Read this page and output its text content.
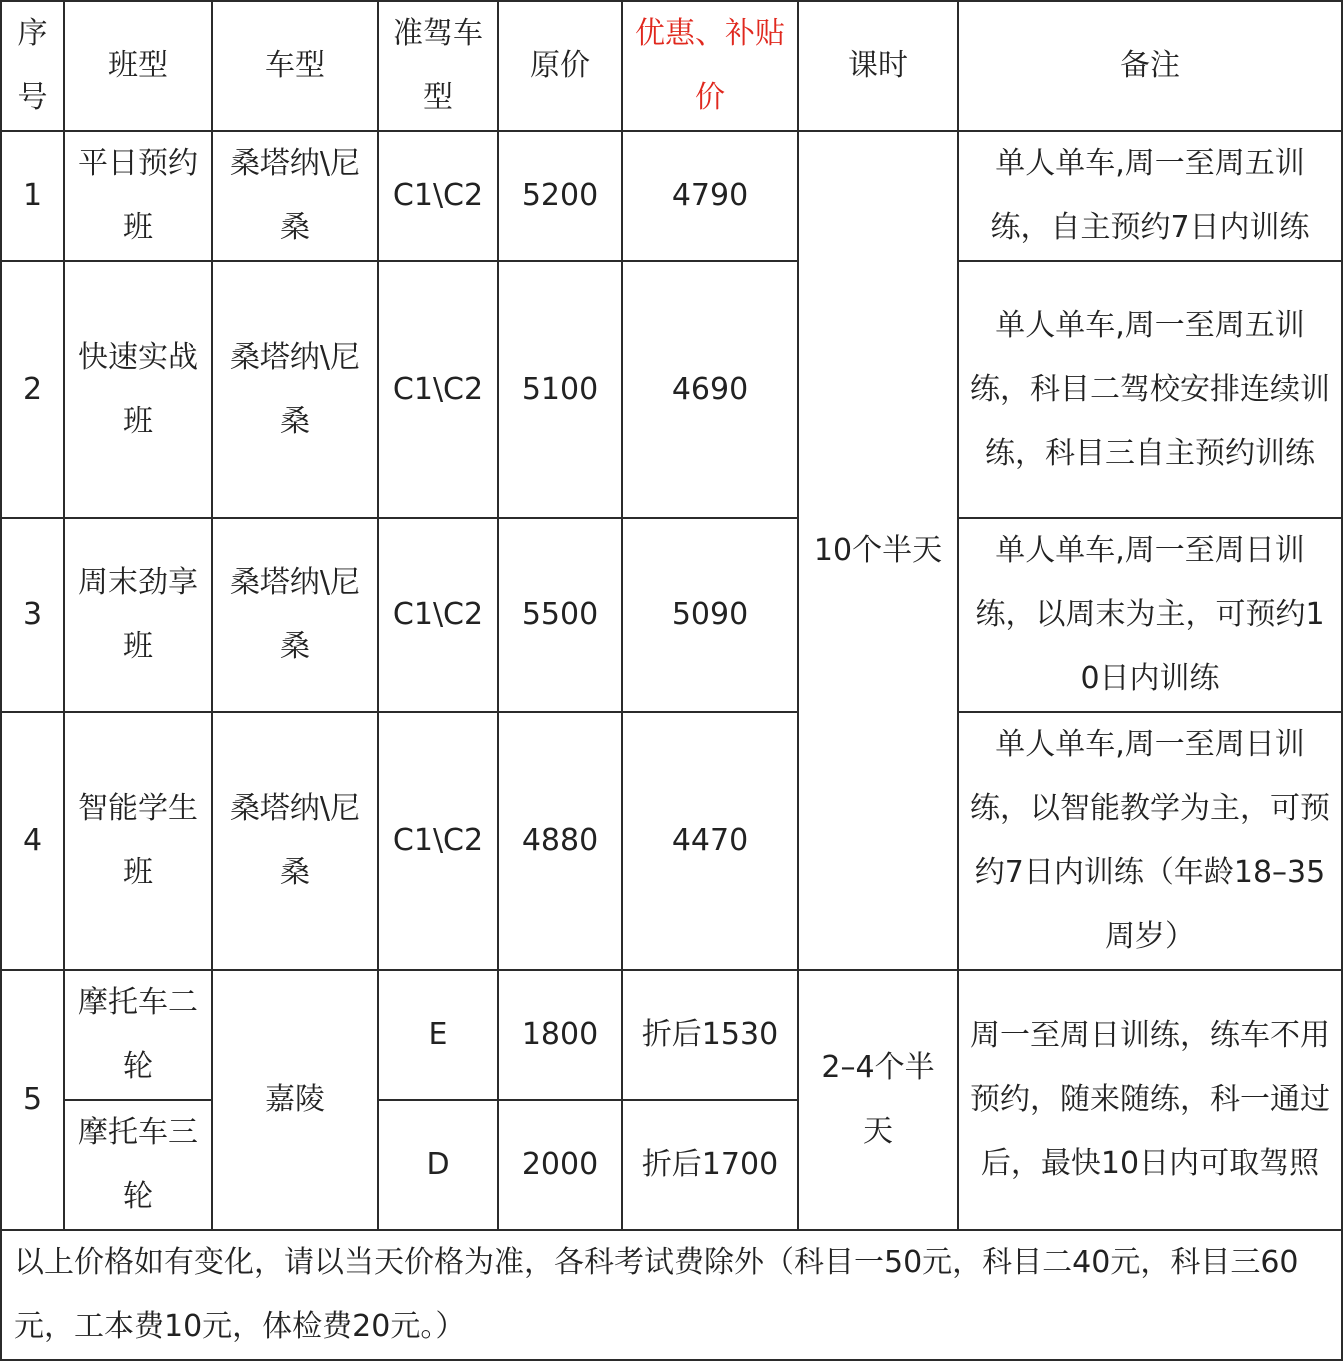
序号	班型	车型	准驾车型	原价	优惠、补贴价	课时	备注
1	平日预约班	桑塔纳\尼桑	C1\C2	5200	4790	10个半天	单人单车,周一至周五训练，自主预约7日内训练
2	快速实战班	桑塔纳\尼桑	C1\C2	5100	4690		单人单车,周一至周五训练，科目二驾校安排连续训练，科目三自主预约训练
3	周末劲享班	桑塔纳\尼桑	C1\C2	5500	5090		单人单车,周一至周日训练，以周末为主，可预约10日内训练
4	智能学生班	桑塔纳\尼桑	C1\C2	4880	4470		单人单车,周一至周日训练，以智能教学为主，可预约7日内训练（年龄18–35周岁）
5	摩托车二轮	嘉陵	E	1800	折后1530	2–4个半天	周一至周日训练，练车不用预约，随来随练，科一通过后，最快10日内可取驾照
	摩托车三轮		D	2000	折后1700		
以上价格如有变化，请以当天价格为准，各科考试费除外（科目一50元，科目二40元，科目三60元，工本费10元，体检费20元。）							
